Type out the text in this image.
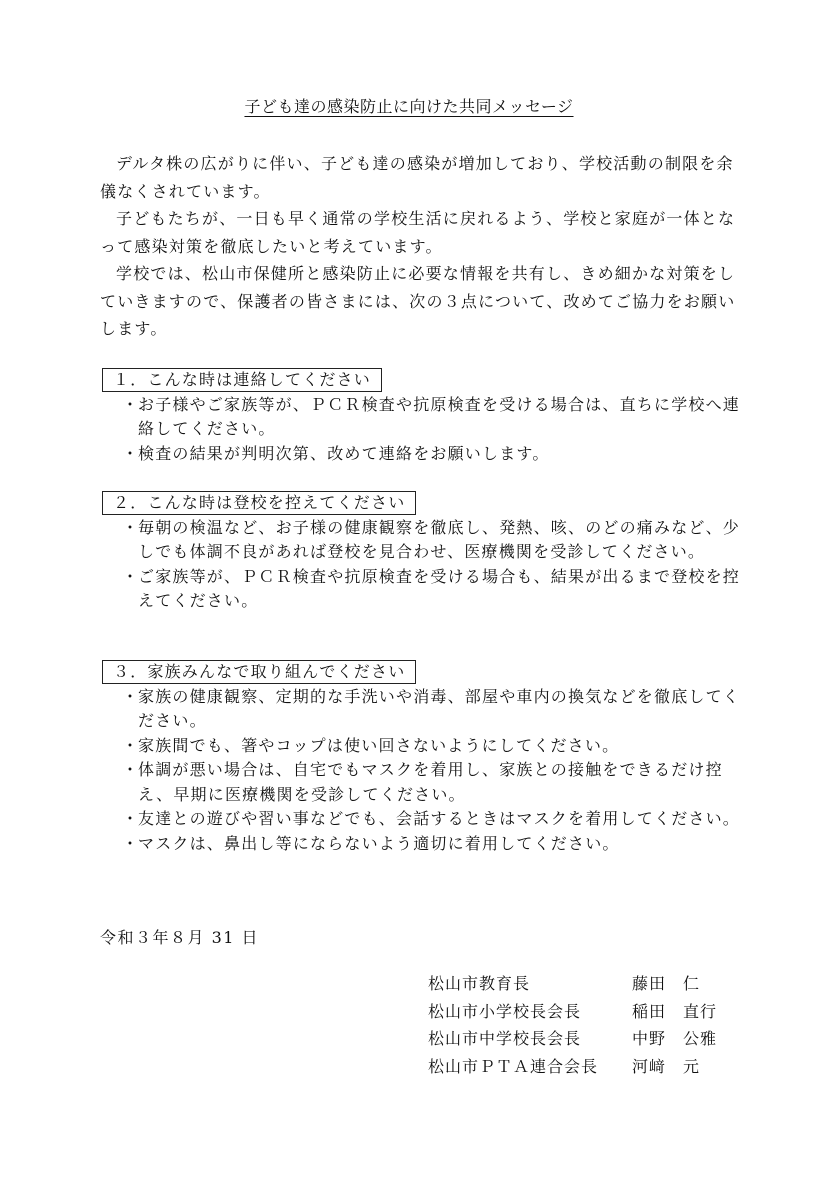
子ども達の感染防止に向けた共同メッセージ

デルタ株の広がりに伴い、子ども達の感染が増加しており、学校活動の制限を余儀なくされています。

子どもたちが、一日も早く通常の学校生活に戻れるよう、学校と家庭が一体となって感染対策を徹底したいと考えています。

学校では、松山市保健所と感染防止に必要な情報を共有し、きめ細かな対策をしていきますので、保護者の皆さまには、次の３点について、改めてご協力をお願いします。

１．こんな時は連絡してください
・
お子様やご家族等が、ＰＣＲ検査や抗原検査を受ける場合は、直ちに学校へ連絡してください。
・
検査の結果が判明次第、改めて連絡をお願いします。
２．こんな時は登校を控えてください
・
毎朝の検温など、お子様の健康観察を徹底し、発熱、咳、のどの痛みなど、少しでも体調不良があれば登校を見合わせ、医療機関を受診してください。
・
ご家族等が、ＰＣＲ検査や抗原検査を受ける場合も、結果が出るまで登校を控えてください。
３．家族みんなで取り組んでください
・
家族の健康観察、定期的な手洗いや消毒、部屋や車内の換気などを徹底してください。
・
家族間でも、箸やコップは使い回さないようにしてください。
・
体調が悪い場合は、自宅でもマスクを着用し、家族との接触をできるだけ控え、早期に医療機関を受診してください。
・
友達との遊びや習い事などでも、会話するときはマスクを着用してください。
・
マスクは、鼻出し等にならないよう適切に着用してください。
令和３年８月 31 日
松山市教育長	藤田　仁
松山市小学校長会長	稲田　直行
松山市中学校長会長	中野　公雅
松山市ＰＴＡ連合会長	河﨑　元
